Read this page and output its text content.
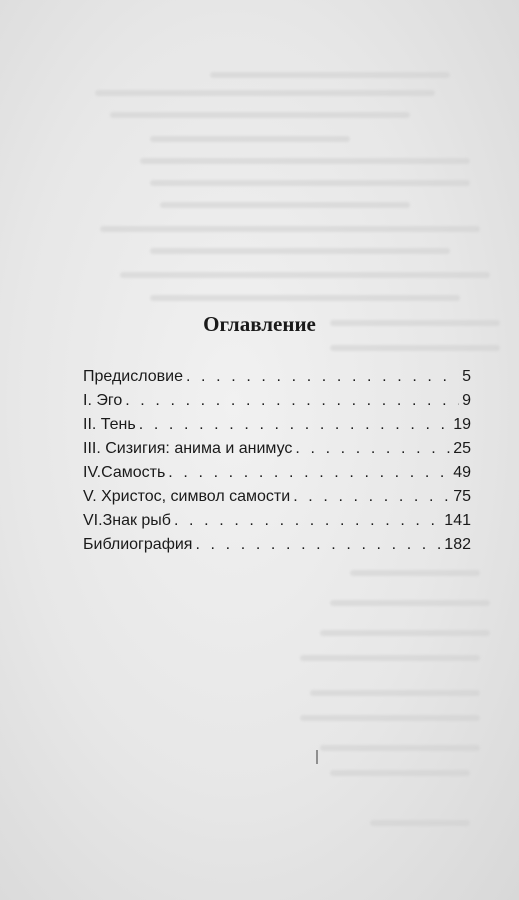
Оглавление
Предисловие . . .	5
I. Эго . . .	9
II. Тень . . .	19
III. Сизигия: анима и анимус . . .	25
IV.Самость . . .	49
V. Христос, символ самости . . .	75
VI.Знак рыб . . .	141
Библиография . . .	182
